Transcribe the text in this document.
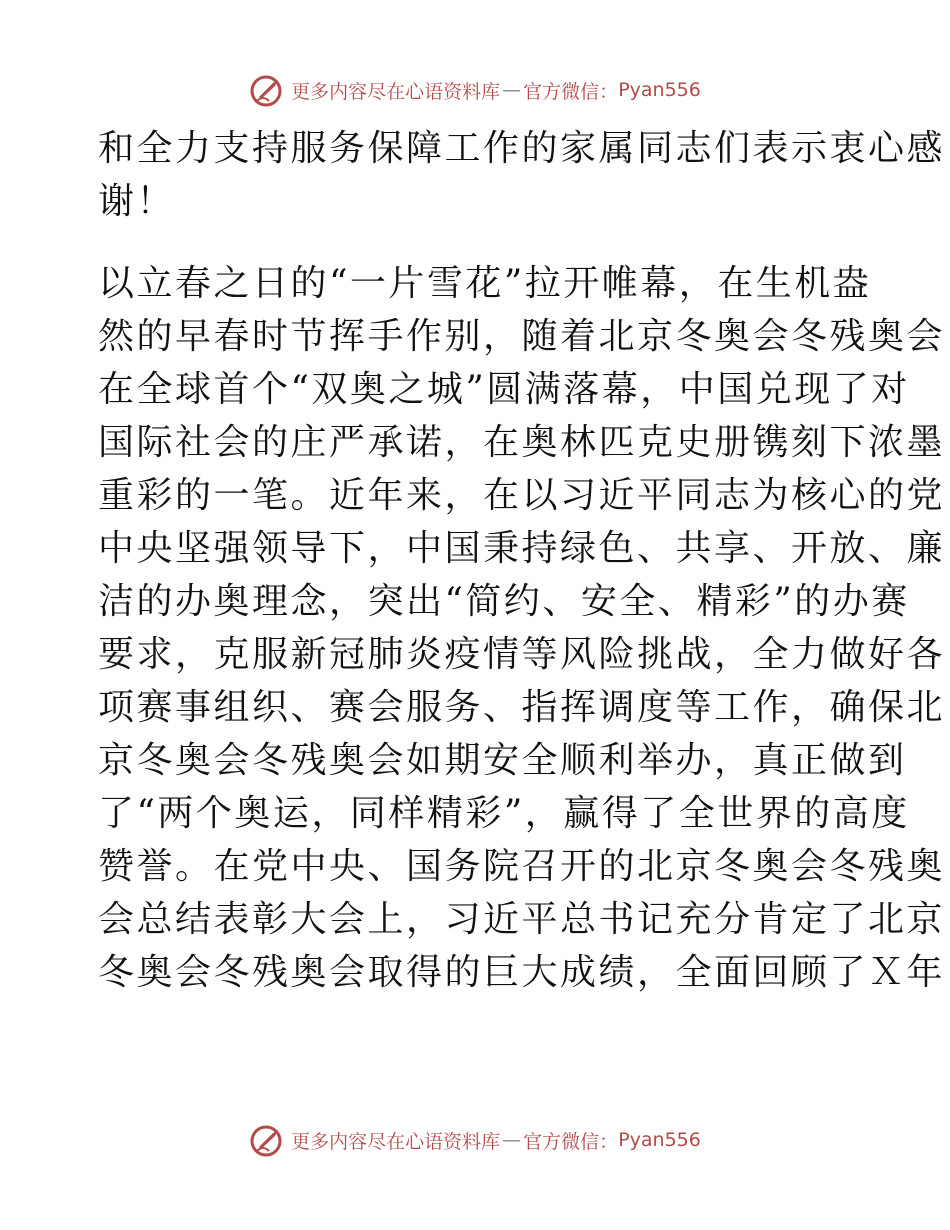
更多内容尽在心语资料库 — 官方微信： Pyan556
和全力支持服务保障工作的家属同志们表示衷心感
谢！
以立春之日的“一片雪花”拉开帷幕，在生机盎
然的早春时节挥手作别，随着北京冬奥会冬残奥会
在全球首个“双奥之城”圆满落幕，中国兑现了对
国际社会的庄严承诺，在奥林匹克史册镌刻下浓墨
重彩的一笔。近年来，在以习近平同志为核心的党
中央坚强领导下，中国秉持绿色、共享、开放、廉
洁的办奥理念，突出“简约、安全、精彩”的办赛
要求，克服新冠肺炎疫情等风险挑战，全力做好各
项赛事组织、赛会服务、指挥调度等工作，确保北
京冬奥会冬残奥会如期安全顺利举办，真正做到
了“两个奥运，同样精彩”，赢得了全世界的高度
赞誉。在党中央、国务院召开的北京冬奥会冬残奥
会总结表彰大会上，习近平总书记充分肯定了北京
冬奥会冬残奥会取得的巨大成绩，全面回顾了Ｘ年
更多内容尽在心语资料库 — 官方微信： Pyan556
